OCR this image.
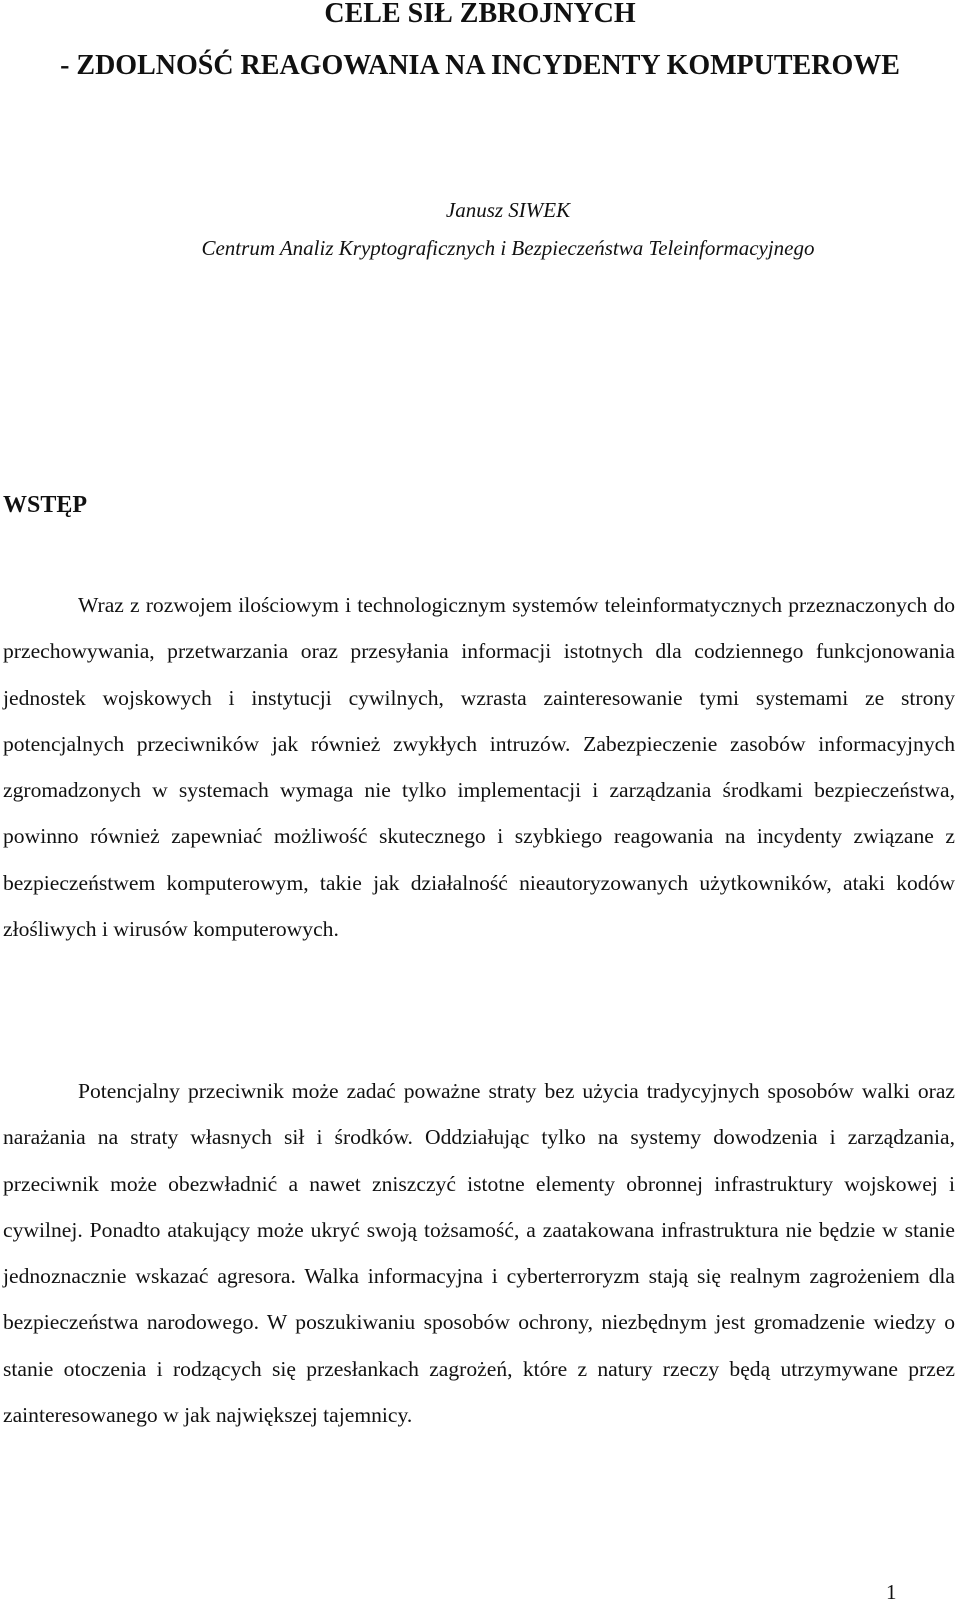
CELE SIŁ ZBROJNYCH
- ZDOLNOŚĆ REAGOWANIA NA INCYDENTY KOMPUTEROWE
Janusz SIWEK
Centrum Analiz Kryptograficznych i Bezpieczeństwa Teleinformacyjnego
WSTĘP

Wraz z rozwojem ilościowym i technologicznym systemów teleinformatycznych przeznaczonych do przechowywania, przetwarzania oraz przesyłania informacji istotnych dla codziennego funkcjonowania jednostek wojskowych i instytucji cywilnych, wzrasta zainteresowanie tymi systemami ze strony potencjalnych przeciwników jak również zwykłych intruzów. Zabezpieczenie zasobów informacyjnych zgromadzonych w systemach wymaga nie tylko implementacji i zarządzania środkami bezpieczeństwa, powinno również zapewniać możliwość skutecznego i szybkiego reagowania na incydenty związane z bezpieczeństwem komputerowym, takie jak działalność nieautoryzowanych użytkowników, ataki kodów złośliwych i wirusów komputerowych.

Potencjalny przeciwnik może zadać poważne straty bez użycia tradycyjnych sposobów walki oraz narażania na straty własnych sił i środków. Oddziałując tylko na systemy dowodzenia i zarządzania, przeciwnik może obezwładnić a nawet zniszczyć istotne elementy obronnej infrastruktury wojskowej i cywilnej. Ponadto atakujący może ukryć swoją tożsamość, a zaatakowana infrastruktura nie będzie w stanie jednoznacznie wskazać agresora. Walka informacyjna i cyberterroryzm stają się realnym zagrożeniem dla bezpieczeństwa narodowego. W poszukiwaniu sposobów ochrony, niezbędnym jest gromadzenie wiedzy o stanie otoczenia i rodzących się przesłankach zagrożeń, które z natury rzeczy będą utrzymywane przez zainteresowanego w jak największej tajemnicy.

1
